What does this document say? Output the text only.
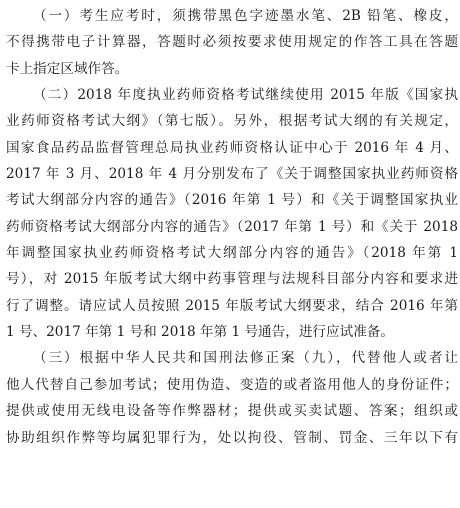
（一）考生应考时，须携带黑色字迹墨水笔、2B 铅笔、橡皮，
不得携带电子计算器，答题时必须按要求使用规定的作答工具在答题
卡上指定区域作答。
（二）2018 年度执业药师资格考试继续使用 2015 年版《国家执
业药师资格考试大纲》（第七版）。另外，根据考试大纲的有关规定，
国家食品药品监督管理总局执业药师资格认证中心于 2016 年 4 月、
2017 年 3 月、2018 年 4 月分别发布了《关于调整国家执业药师资格
考试大纲部分内容的通告》（2016 年第 1 号）和《关于调整国家执业
药师资格考试大纲部分内容的通告》（2017 年第 1 号）和《关于 2018
年调整国家执业药师资格考试大纲部分内容的通告》（2018 年第 1
号），对 2015 年版考试大纲中药事管理与法规科目部分内容和要求进
行了调整。请应试人员按照 2015 年版考试大纲要求，结合 2016 年第
1 号、2017 年第 1 号和 2018 年第 1 号通告，进行应试准备。
（三）根据中华人民共和国刑法修正案（九），代替他人或者让
他人代替自己参加考试；使用伪造、变造的或者盗用他人的身份证件；
提供或使用无线电设备等作弊器材；提供或买卖试题、答案；组织或
协助组织作弊等均属犯罪行为，处以拘役、管制、罚金、三年以下有
